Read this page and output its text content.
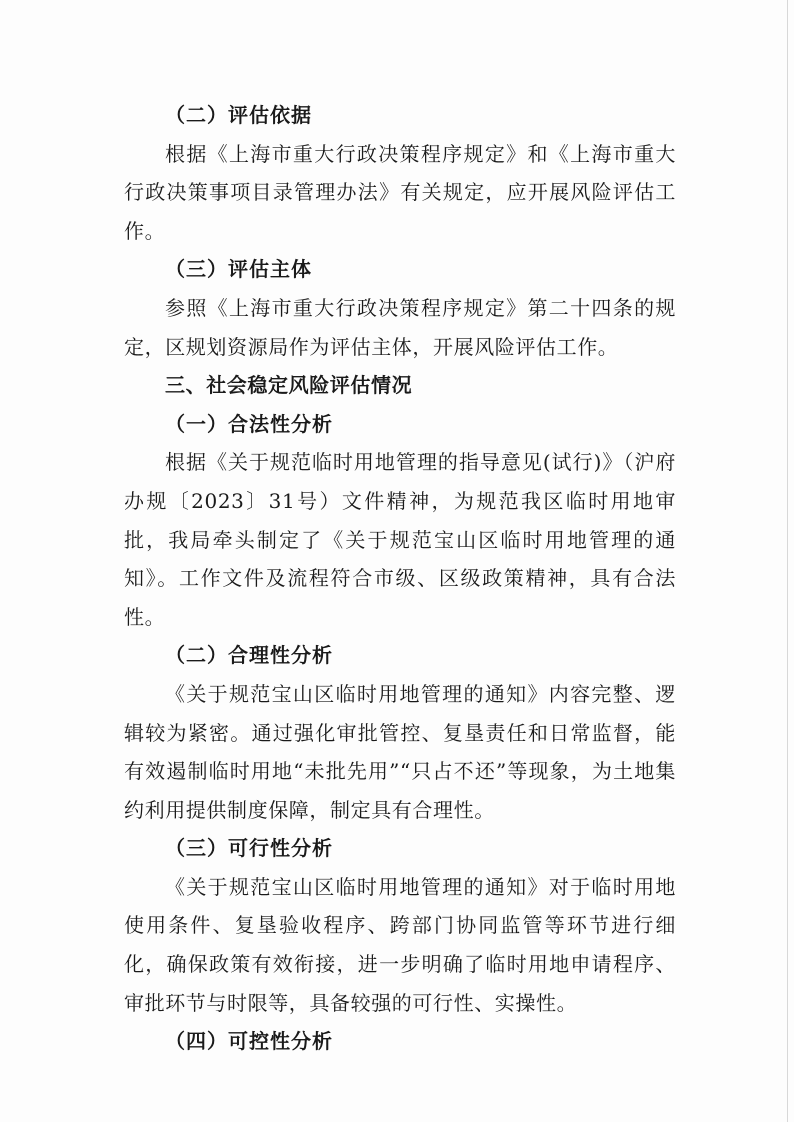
（二）评估依据

根据《上海市重大行政决策程序规定》和《上海市重大行政决策事项目录管理办法》有关规定，应开展风险评估工作。

（三）评估主体

参照《上海市重大行政决策程序规定》第二十四条的规定，区规划资源局作为评估主体，开展风险评估工作。

三、社会稳定风险评估情况
（一）合法性分析

根据《关于规范临时用地管理的指导意见(试行)》（沪府办规〔2023〕31号）文件精神，为规范我区临时用地审批，我局牵头制定了《关于规范宝山区临时用地管理的通知》。工作文件及流程符合市级、区级政策精神，具有合法性。

（二）合理性分析

《关于规范宝山区临时用地管理的通知》内容完整、逻辑较为紧密。通过强化审批管控、复垦责任和日常监督，能有效遏制临时用地“未批先用”“只占不还”等现象，为土地集约利用提供制度保障，制定具有合理性。

（三）可行性分析

《关于规范宝山区临时用地管理的通知》对于临时用地使用条件、复垦验收程序、跨部门协同监管等环节进行细化，确保政策有效衔接，进一步明确了临时用地申请程序、审批环节与时限等，具备较强的可行性、实操性。

（四）可控性分析
